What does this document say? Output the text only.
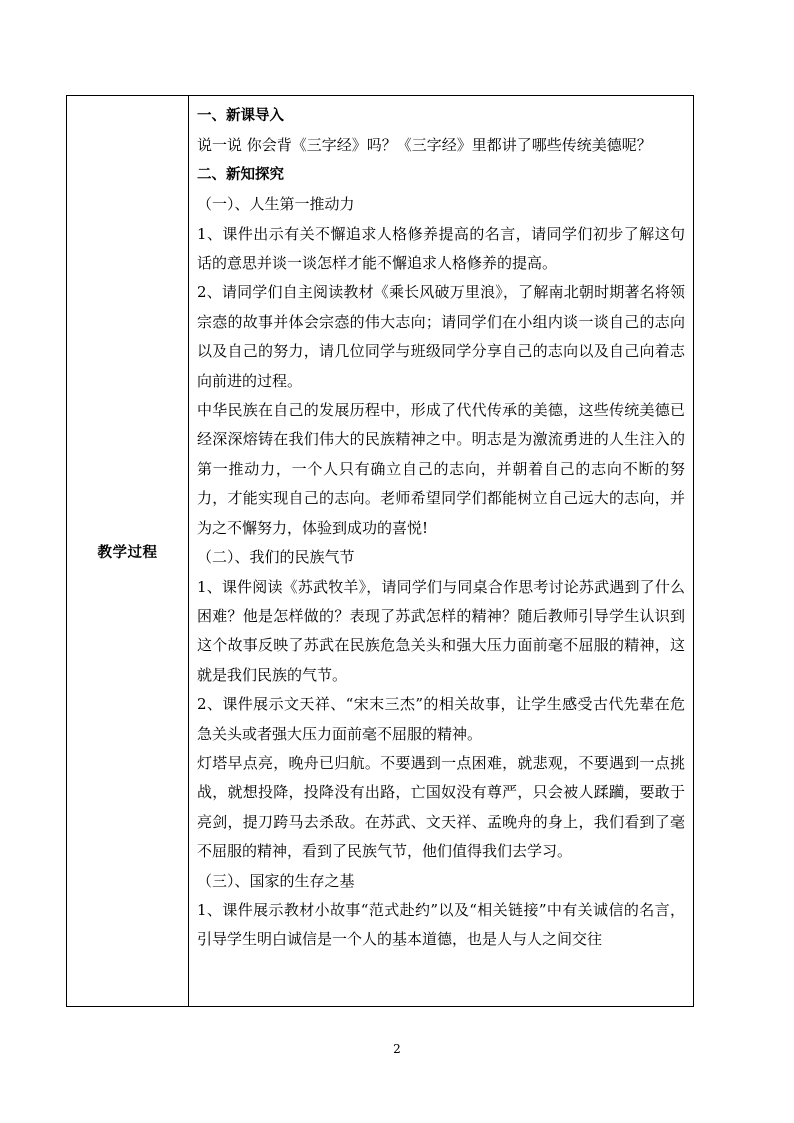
教学过程

一、新课导入

说一说 你会背《三字经》吗？《三字经》里都讲了哪些传统美德呢？

二、新知探究

（一）、人生第一推动力

1、课件出示有关不懈追求人格修养提高的名言，请同学们初步了解这句话的意思并谈一谈怎样才能不懈追求人格修养的提高。

2、请同学们自主阅读教材《乘长风破万里浪》，了解南北朝时期著名将领宗悫的故事并体会宗悫的伟大志向；请同学们在小组内谈一谈自己的志向以及自己的努力，请几位同学与班级同学分享自己的志向以及自己向着志向前进的过程。

中华民族在自己的发展历程中，形成了代代传承的美德，这些传统美德已经深深熔铸在我们伟大的民族精神之中。明志是为激流勇进的人生注入的第一推动力，一个人只有确立自己的志向，并朝着自己的志向不断的努力，才能实现自己的志向。老师希望同学们都能树立自己远大的志向，并为之不懈努力，体验到成功的喜悦!

（二）、我们的民族气节

1、课件阅读《苏武牧羊》，请同学们与同桌合作思考讨论苏武遇到了什么困难？他是怎样做的？表现了苏武怎样的精神？随后教师引导学生认识到这个故事反映了苏武在民族危急关头和强大压力面前毫不屈服的精神，这就是我们民族的气节。

2、课件展示文天祥、“宋末三杰”的相关故事，让学生感受古代先辈在危急关头或者强大压力面前毫不屈服的精神。

灯塔早点亮，晚舟已归航。不要遇到一点困难，就悲观，不要遇到一点挑战，就想投降，投降没有出路，亡国奴没有尊严，只会被人蹂躏，要敢于亮剑，提刀跨马去杀敌。在苏武、文天祥、孟晚舟的身上，我们看到了毫不屈服的精神，看到了民族气节，他们值得我们去学习。

（三）、国家的生存之基

1、课件展示教材小故事“范式赴约”以及“相关链接”中有关诚信的名言，引导学生明白诚信是一个人的基本道德，也是人与人之间交往

2
